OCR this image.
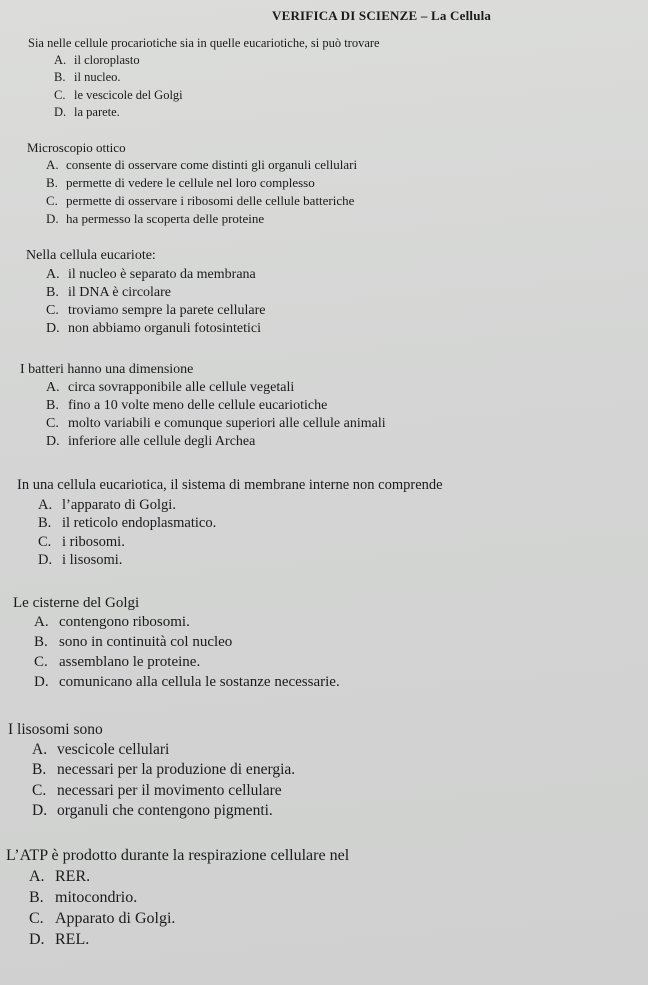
VERIFICA DI SCIENZE – La Cellula
Sia nelle cellule procariotiche sia in quelle eucariotiche, si può trovare
A. il cloroplasto
B. il nucleo.
C. le vescicole del Golgi
D. la parete.
Microscopio ottico
A. consente di osservare come distinti gli organuli cellulari
B. permette di vedere le cellule nel loro complesso
C. permette di osservare i ribosomi delle cellule batteriche
D. ha permesso la scoperta delle proteine
Nella cellula eucariote:
A. il nucleo è separato da membrana
B. il DNA è circolare
C. troviamo sempre la parete cellulare
D. non abbiamo organuli fotosintetici
I batteri hanno una dimensione
A. circa sovrapponibile alle cellule vegetali
B. fino a 10 volte meno delle cellule eucariotiche
C. molto variabili e comunque superiori alle cellule animali
D. inferiore alle cellule degli Archea
In una cellula eucariotica, il sistema di membrane interne non comprende
A. l’apparato di Golgi.
B. il reticolo endoplasmatico.
C. i ribosomi.
D. i lisosomi.
Le cisterne del Golgi
A. contengono ribosomi.
B. sono in continuità col nucleo
C. assemblano le proteine.
D. comunicano alla cellula le sostanze necessarie.
I lisosomi sono
A. vescicole cellulari
B. necessari per la produzione di energia.
C. necessari per il movimento cellulare
D. organuli che contengono pigmenti.
L’ATP è prodotto durante la respirazione cellulare nel
A. RER.
B. mitocondrio.
C. Apparato di Golgi.
D. REL.
